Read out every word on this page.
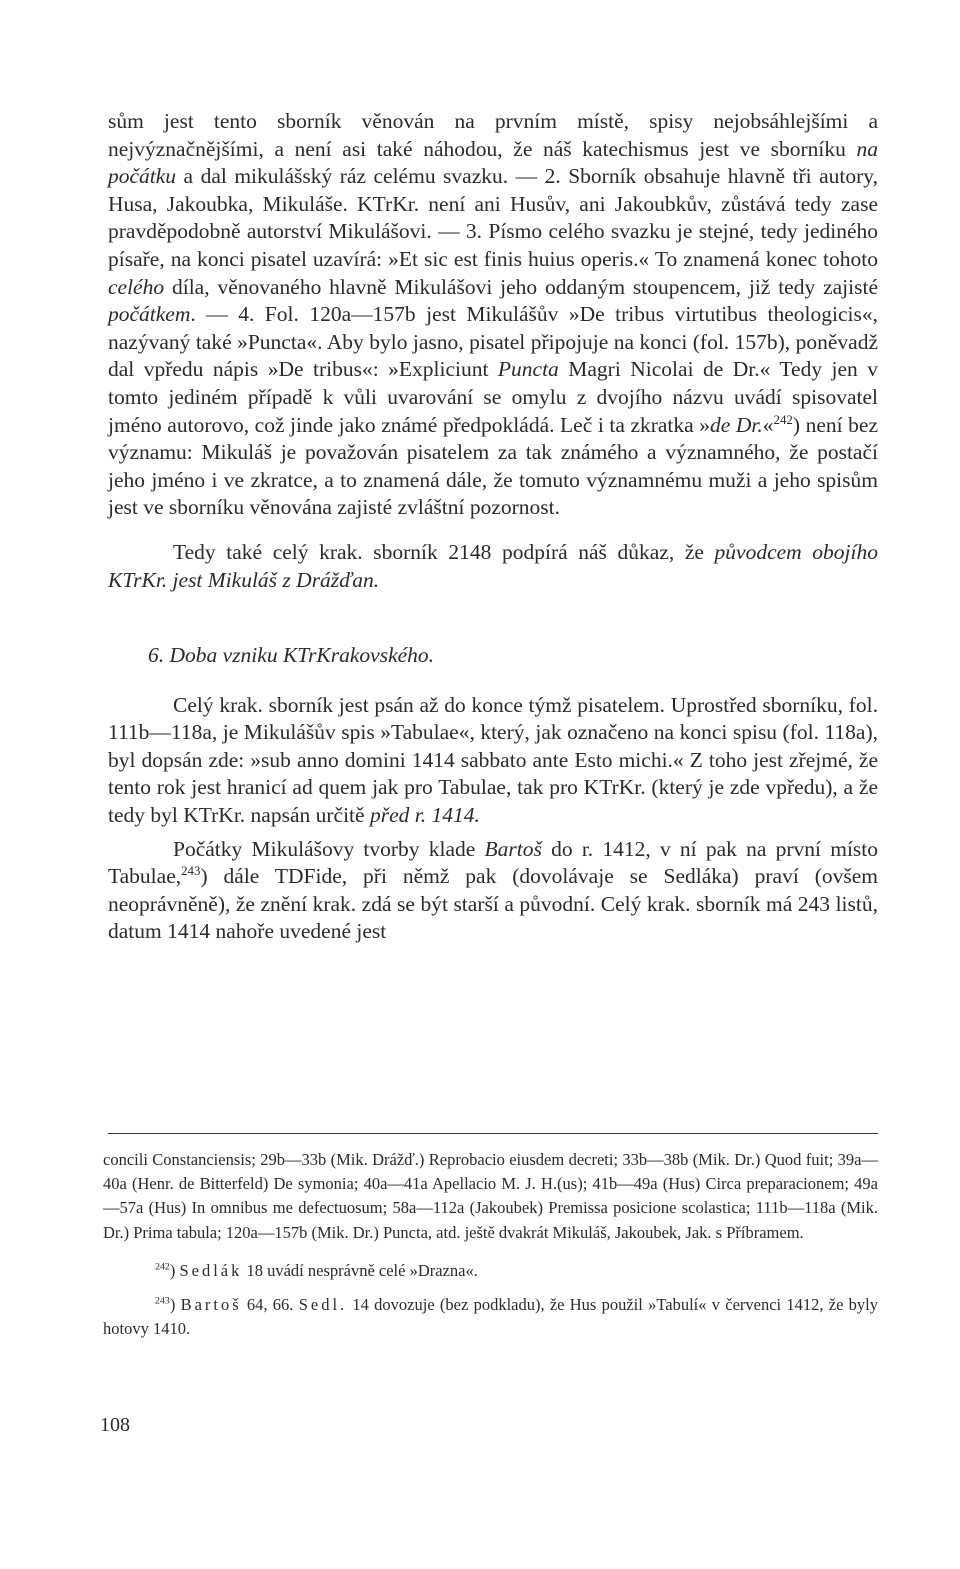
sům jest tento sborník věnován na prvním místě, spisy nejobsáhlejšími a nejvýznačnějšími, a není asi také náhodou, že náš katechismus jest ve sborníku na počátku a dal mikulášský ráz celému svazku. — 2. Sborník obsahuje hlavně tři autory, Husa, Jakoubka, Mikuláše. KTrKr. není ani Husův, ani Jakoubkův, zůstává tedy zase pravděpodobně autorství Mikulášovi. — 3. Písmo celého svazku je stejné, tedy jediného písaře, na konci pisatel uzavírá: »Et sic est finis huius operis.« To znamená konec tohoto celého díla, věnovaného hlavně Mikulášovi jeho oddaným stoupencem, již tedy zajisté počátkem. — 4. Fol. 120a—157b jest Mikulášův »De tribus virtutibus theologicis«, nazývaný také »Puncta«. Aby bylo jasno, pisatel připojuje na konci (fol. 157b), poněvadž dal vpředu nápis »De tribus«: »Expliciunt Puncta Magri Nicolai de Dr.« Tedy jen v tomto jediném případě k vůli uvarování se omylu z dvojího názvu uvádí spisovatel jméno autorovo, což jinde jako známé předpokládá. Leč i ta zkratka »de Dr.«$^{242}$) není bez významu: Mikuláš je považován pisatelem za tak známého a významného, že postačí jeho jméno i ve zkratce, a to znamená dále, že tomuto významnému muži a jeho spisům jest ve sborníku věnována zajisté zvláštní pozornost.

Tedy také celý krak. sborník 2148 podpírá náš důkaz, že původcem obojího KTrKr. jest Mikuláš z Drážďan.

6. Doba vzniku KTrKrakovského.

Celý krak. sborník jest psán až do konce týmž pisatelem. Uprostřed sborníku, fol. 111b—118a, je Mikulášův spis »Tabulae«, který, jak označeno na konci spisu (fol. 118a), byl dopsán zde: »sub anno domini 1414 sabbato ante Esto michi.« Z toho jest zřejmé, že tento rok jest hranicí ad quem jak pro Tabulae, tak pro KTrKr. (který je zde vpředu), a že tedy byl KTrKr. napsán určitě před r. 1414.

Počátky Mikulášovy tvorby klade Bartoš do r. 1412, v ní pak na první místo Tabulae,$^{243}$) dále TDFide, při němž pak (dovolávaje se Sedláka) praví (ovšem neoprávněně), že znění krak. zdá se být starší a původní. Celý krak. sborník má 243 listů, datum 1414 nahoře uvedené jest

concili Constanciensis; 29b—33b (Mik. Drážď.) Reprobacio eiusdem decreti; 33b—38b (Mik. Dr.) Quod fuit; 39a—40a (Henr. de Bitterfeld) De symonia; 40a—41a Apellacio M. J. H.(us); 41b—49a (Hus) Circa preparacionem; 49a—57a (Hus) In omnibus me defectuosum; 58a—112a (Jakoubek) Premissa posicione scolastica; 111b—118a (Mik. Dr.) Prima tabula; 120a—157b (Mik. Dr.) Puncta, atd. ještě dvakrát Mikuláš, Jakoubek, Jak. s Příbramem.

$^{242}$) Sedlák 18 uvádí nesprávně celé »Drazna«.

$^{243}$) Bartoš 64, 66. Sedl. 14 dovozuje (bez podkladu), že Hus použil »Tabulí« v červenci 1412, že byly hotovy 1410.

108
